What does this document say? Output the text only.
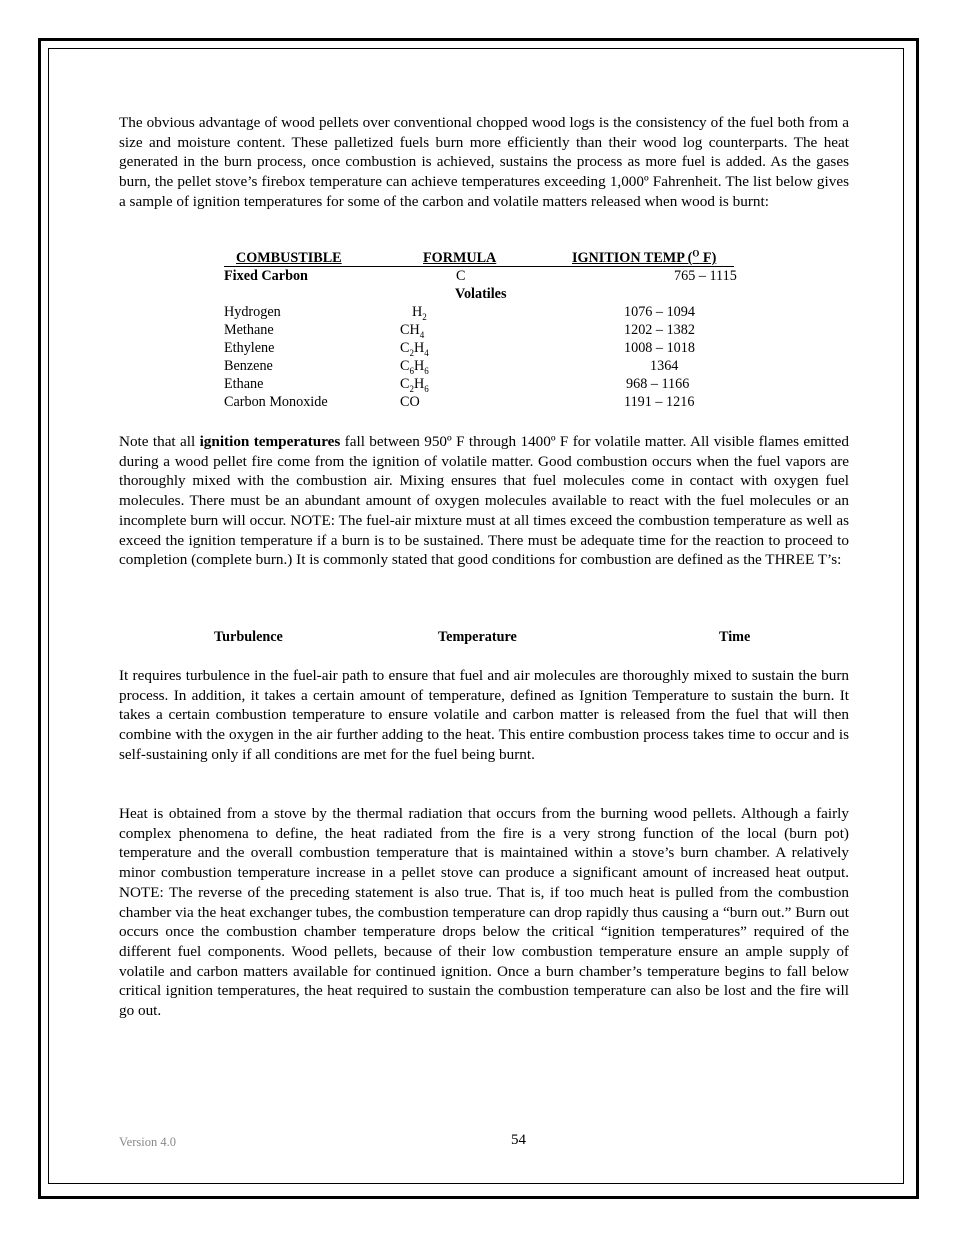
The obvious advantage of wood pellets over conventional chopped wood logs is the consistency of the fuel both from a size and moisture content. These palletized fuels burn more efficiently than their wood log counterparts. The heat generated in the burn process, once combustion is achieved, sustains the process as more fuel is added. As the gases burn, the pellet stove’s firebox temperature can achieve temperatures exceeding 1,000º Fahrenheit. The list below gives a sample of ignition temperatures for some of the carbon and volatile matters released when wood is burnt:

COMBUSTIBLE	FORMULA	IGNITION TEMP ($^O$ F)
Fixed Carbon	C	765 – 1115
Volatiles
Hydrogen	$H_2$	1076 – 1094
Methane	$CH_4$	1202 – 1382
Ethylene	$C_2H_4$	1008 – 1018
Benzene	$C_6H_6$	1364
Ethane	$C_2H_6$	968 – 1166
Carbon Monoxide	CO	1191 – 1216

Note that all ignition temperatures fall between 950º F through 1400º F for volatile matter. All visible flames emitted during a wood pellet fire come from the ignition of volatile matter. Good combustion occurs when the fuel vapors are thoroughly mixed with the combustion air. Mixing ensures that fuel molecules come in contact with oxygen fuel molecules. There must be an abundant amount of oxygen molecules available to react with the fuel molecules or an incomplete burn will occur. NOTE: The fuel-air mixture must at all times exceed the combustion temperature as well as exceed the ignition temperature if a burn is to be sustained. There must be adequate time for the reaction to proceed to completion (complete burn.) It is commonly stated that good conditions for combustion are defined as the THREE T’s:

Turbulence	Temperature	Time

It requires turbulence in the fuel-air path to ensure that fuel and air molecules are thoroughly mixed to sustain the burn process. In addition, it takes a certain amount of temperature, defined as Ignition Temperature to sustain the burn. It takes a certain combustion temperature to ensure volatile and carbon matter is released from the fuel that will then combine with the oxygen in the air further adding to the heat. This entire combustion process takes time to occur and is self-sustaining only if all conditions are met for the fuel being burnt.

Heat is obtained from a stove by the thermal radiation that occurs from the burning wood pellets. Although a fairly complex phenomena to define, the heat radiated from the fire is a very strong function of the local (burn pot) temperature and the overall combustion temperature that is maintained within a stove’s burn chamber. A relatively minor combustion temperature increase in a pellet stove can produce a significant amount of increased heat output. NOTE: The reverse of the preceding statement is also true. That is, if too much heat is pulled from the combustion chamber via the heat exchanger tubes, the combustion temperature can drop rapidly thus causing a “burn out.” Burn out occurs once the combustion chamber temperature drops below the critical “ignition temperatures” required of the different fuel components. Wood pellets, because of their low combustion temperature ensure an ample supply of volatile and carbon matters available for continued ignition. Once a burn chamber’s temperature begins to fall below critical ignition temperatures, the heat required to sustain the combustion temperature can also be lost and the fire will go out.

Version 4.0	54
